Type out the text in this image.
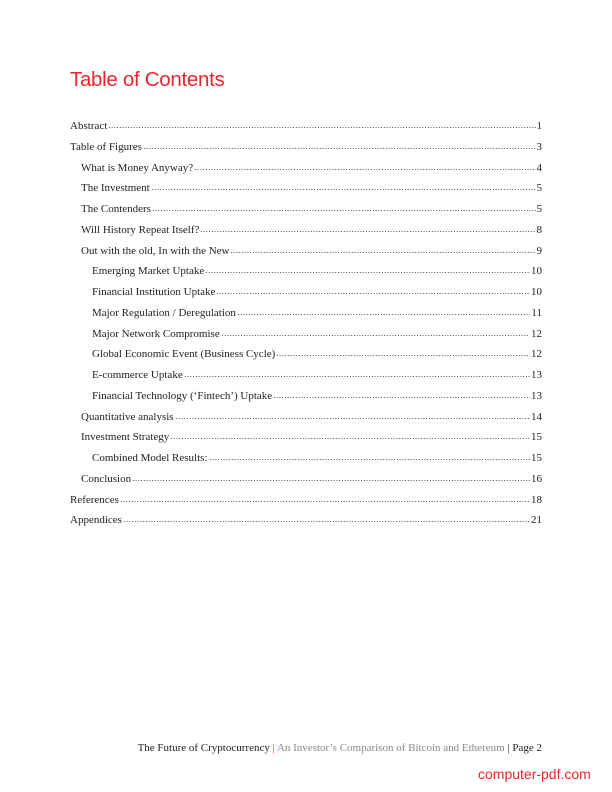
Table of Contents
Abstract	1
Table of Figures	3
What is Money Anyway?	4
The Investment	5
The Contenders	5
Will History Repeat Itself?	8
Out with the old, In with the New	9
Emerging Market Uptake	10
Financial Institution Uptake	10
Major Regulation / Deregulation	11
Major Network Compromise	12
Global Economic Event (Business Cycle)	12
E-commerce Uptake	13
Financial Technology (‘Fintech’) Uptake	13
Quantitative analysis	14
Investment Strategy	15
Combined Model Results:	15
Conclusion	16
References	18
Appendices	21
The Future of Cryptocurrency | An Investor’s Comparison of Bitcoin and Ethereum | Page 2
computer-pdf.com
